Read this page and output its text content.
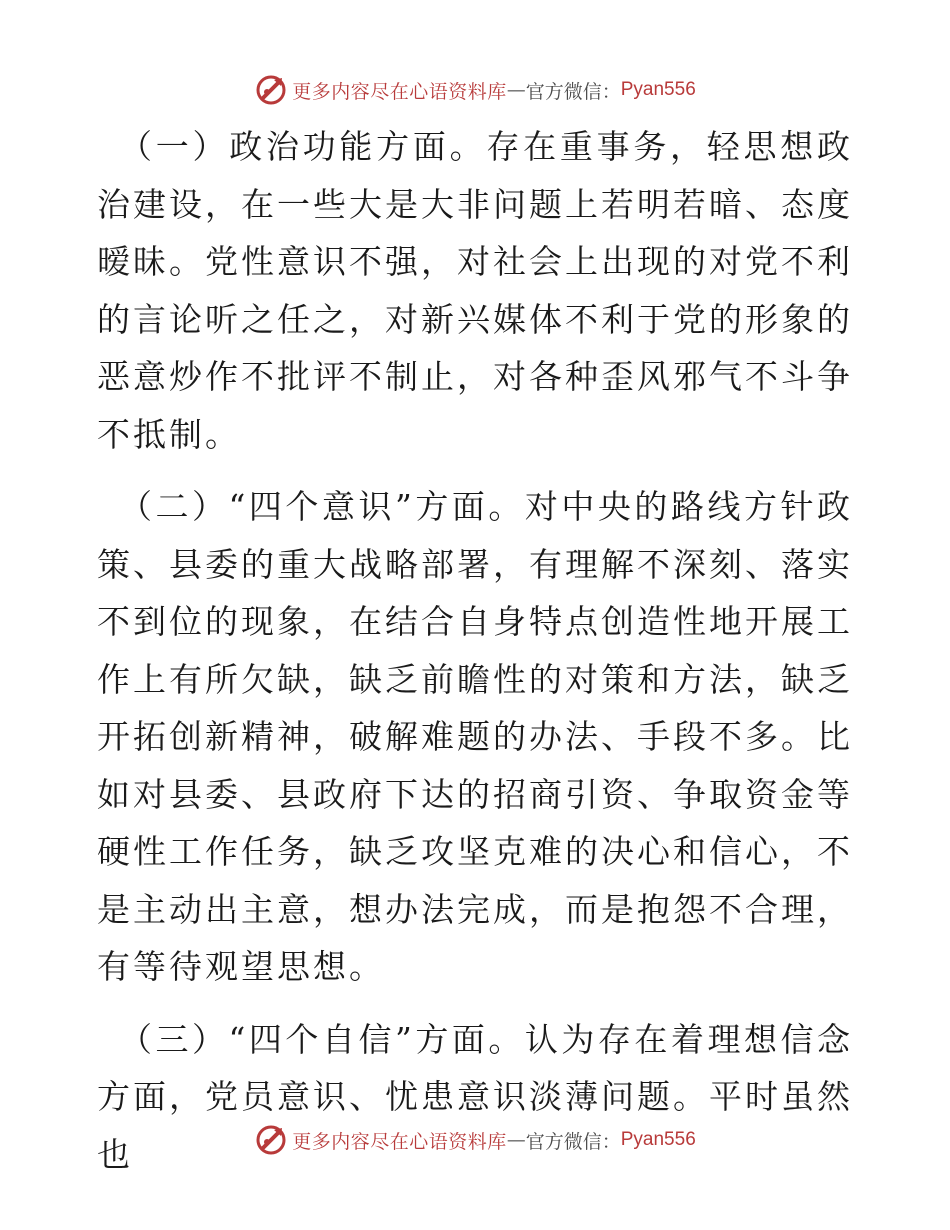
更多内容尽在心语资料库 — 官方微信： Pyan556

（一）政治功能方面。存在重事务，轻思想政治建设，在一些大是大非问题上若明若暗、态度暧昧。党性意识不强，对社会上出现的对党不利的言论听之任之，对新兴媒体不利于党的形象的恶意炒作不批评不制止，对各种歪风邪气不斗争不抵制。

（二）“四个意识”方面。对中央的路线方针政策、县委的重大战略部署，有理解不深刻、落实不到位的现象，在结合自身特点创造性地开展工作上有所欠缺，缺乏前瞻性的对策和方法，缺乏开拓创新精神，破解难题的办法、手段不多。比如对县委、县政府下达的招商引资、争取资金等硬性工作任务，缺乏攻坚克难的决心和信心，不是主动出主意，想办法完成，而是抱怨不合理，有等待观望思想。

（三）“四个自信”方面。认为存在着理想信念方面，党员意识、忧患意识淡薄问题。平时虽然也	更多内容尽在心语资料库 — 官方微信： Pyan556
